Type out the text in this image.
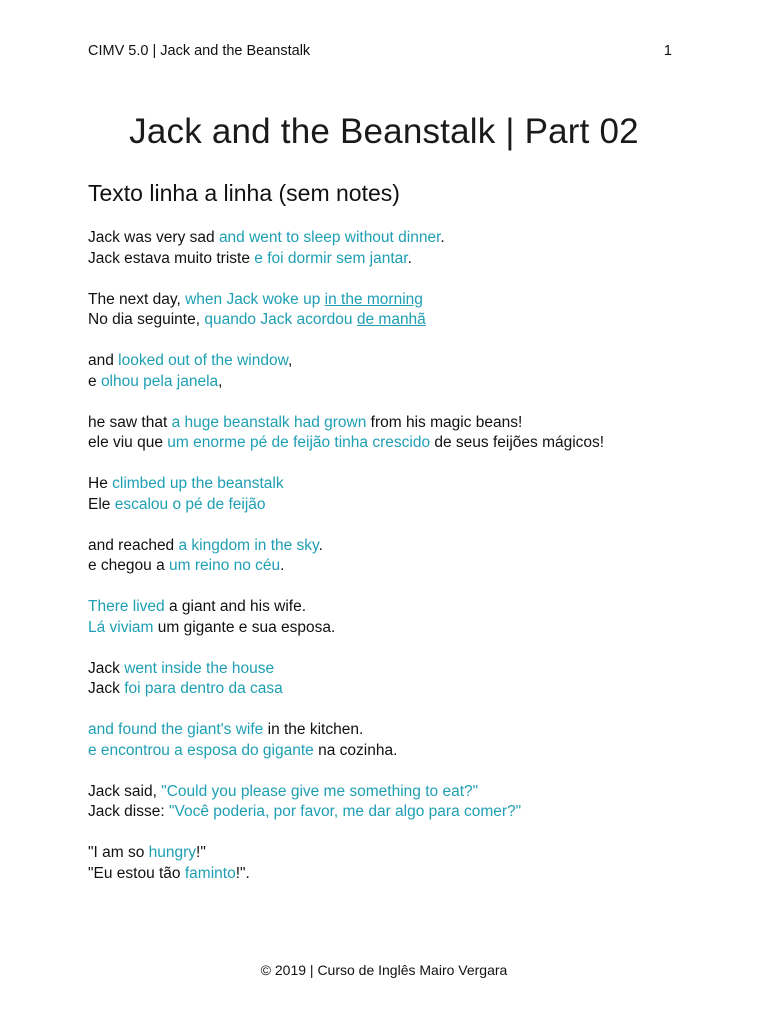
CIMV 5.0 | Jack and the Beanstalk	1
Jack and the Beanstalk | Part 02
Texto linha a linha (sem notes)
Jack was very sad and went to sleep without dinner.
Jack estava muito triste e foi dormir sem jantar.
The next day, when Jack woke up in the morning
No dia seguinte, quando Jack acordou de manhã
and looked out of the window,
e olhou pela janela,
he saw that a huge beanstalk had grown from his magic beans!
ele viu que um enorme pé de feijão tinha crescido de seus feijões mágicos!
He climbed up the beanstalk
Ele escalou o pé de feijão
and reached a kingdom in the sky.
e chegou a um reino no céu.
There lived a giant and his wife.
Lá viviam um gigante e sua esposa.
Jack went inside the house
Jack foi para dentro da casa
and found the giant's wife in the kitchen.
e encontrou a esposa do gigante na cozinha.
Jack said, "Could you please give me something to eat?"
Jack disse: "Você poderia, por favor, me dar algo para comer?"
"I am so hungry!"
"Eu estou tão faminto!".
© 2019 | Curso de Inglês Mairo Vergara
